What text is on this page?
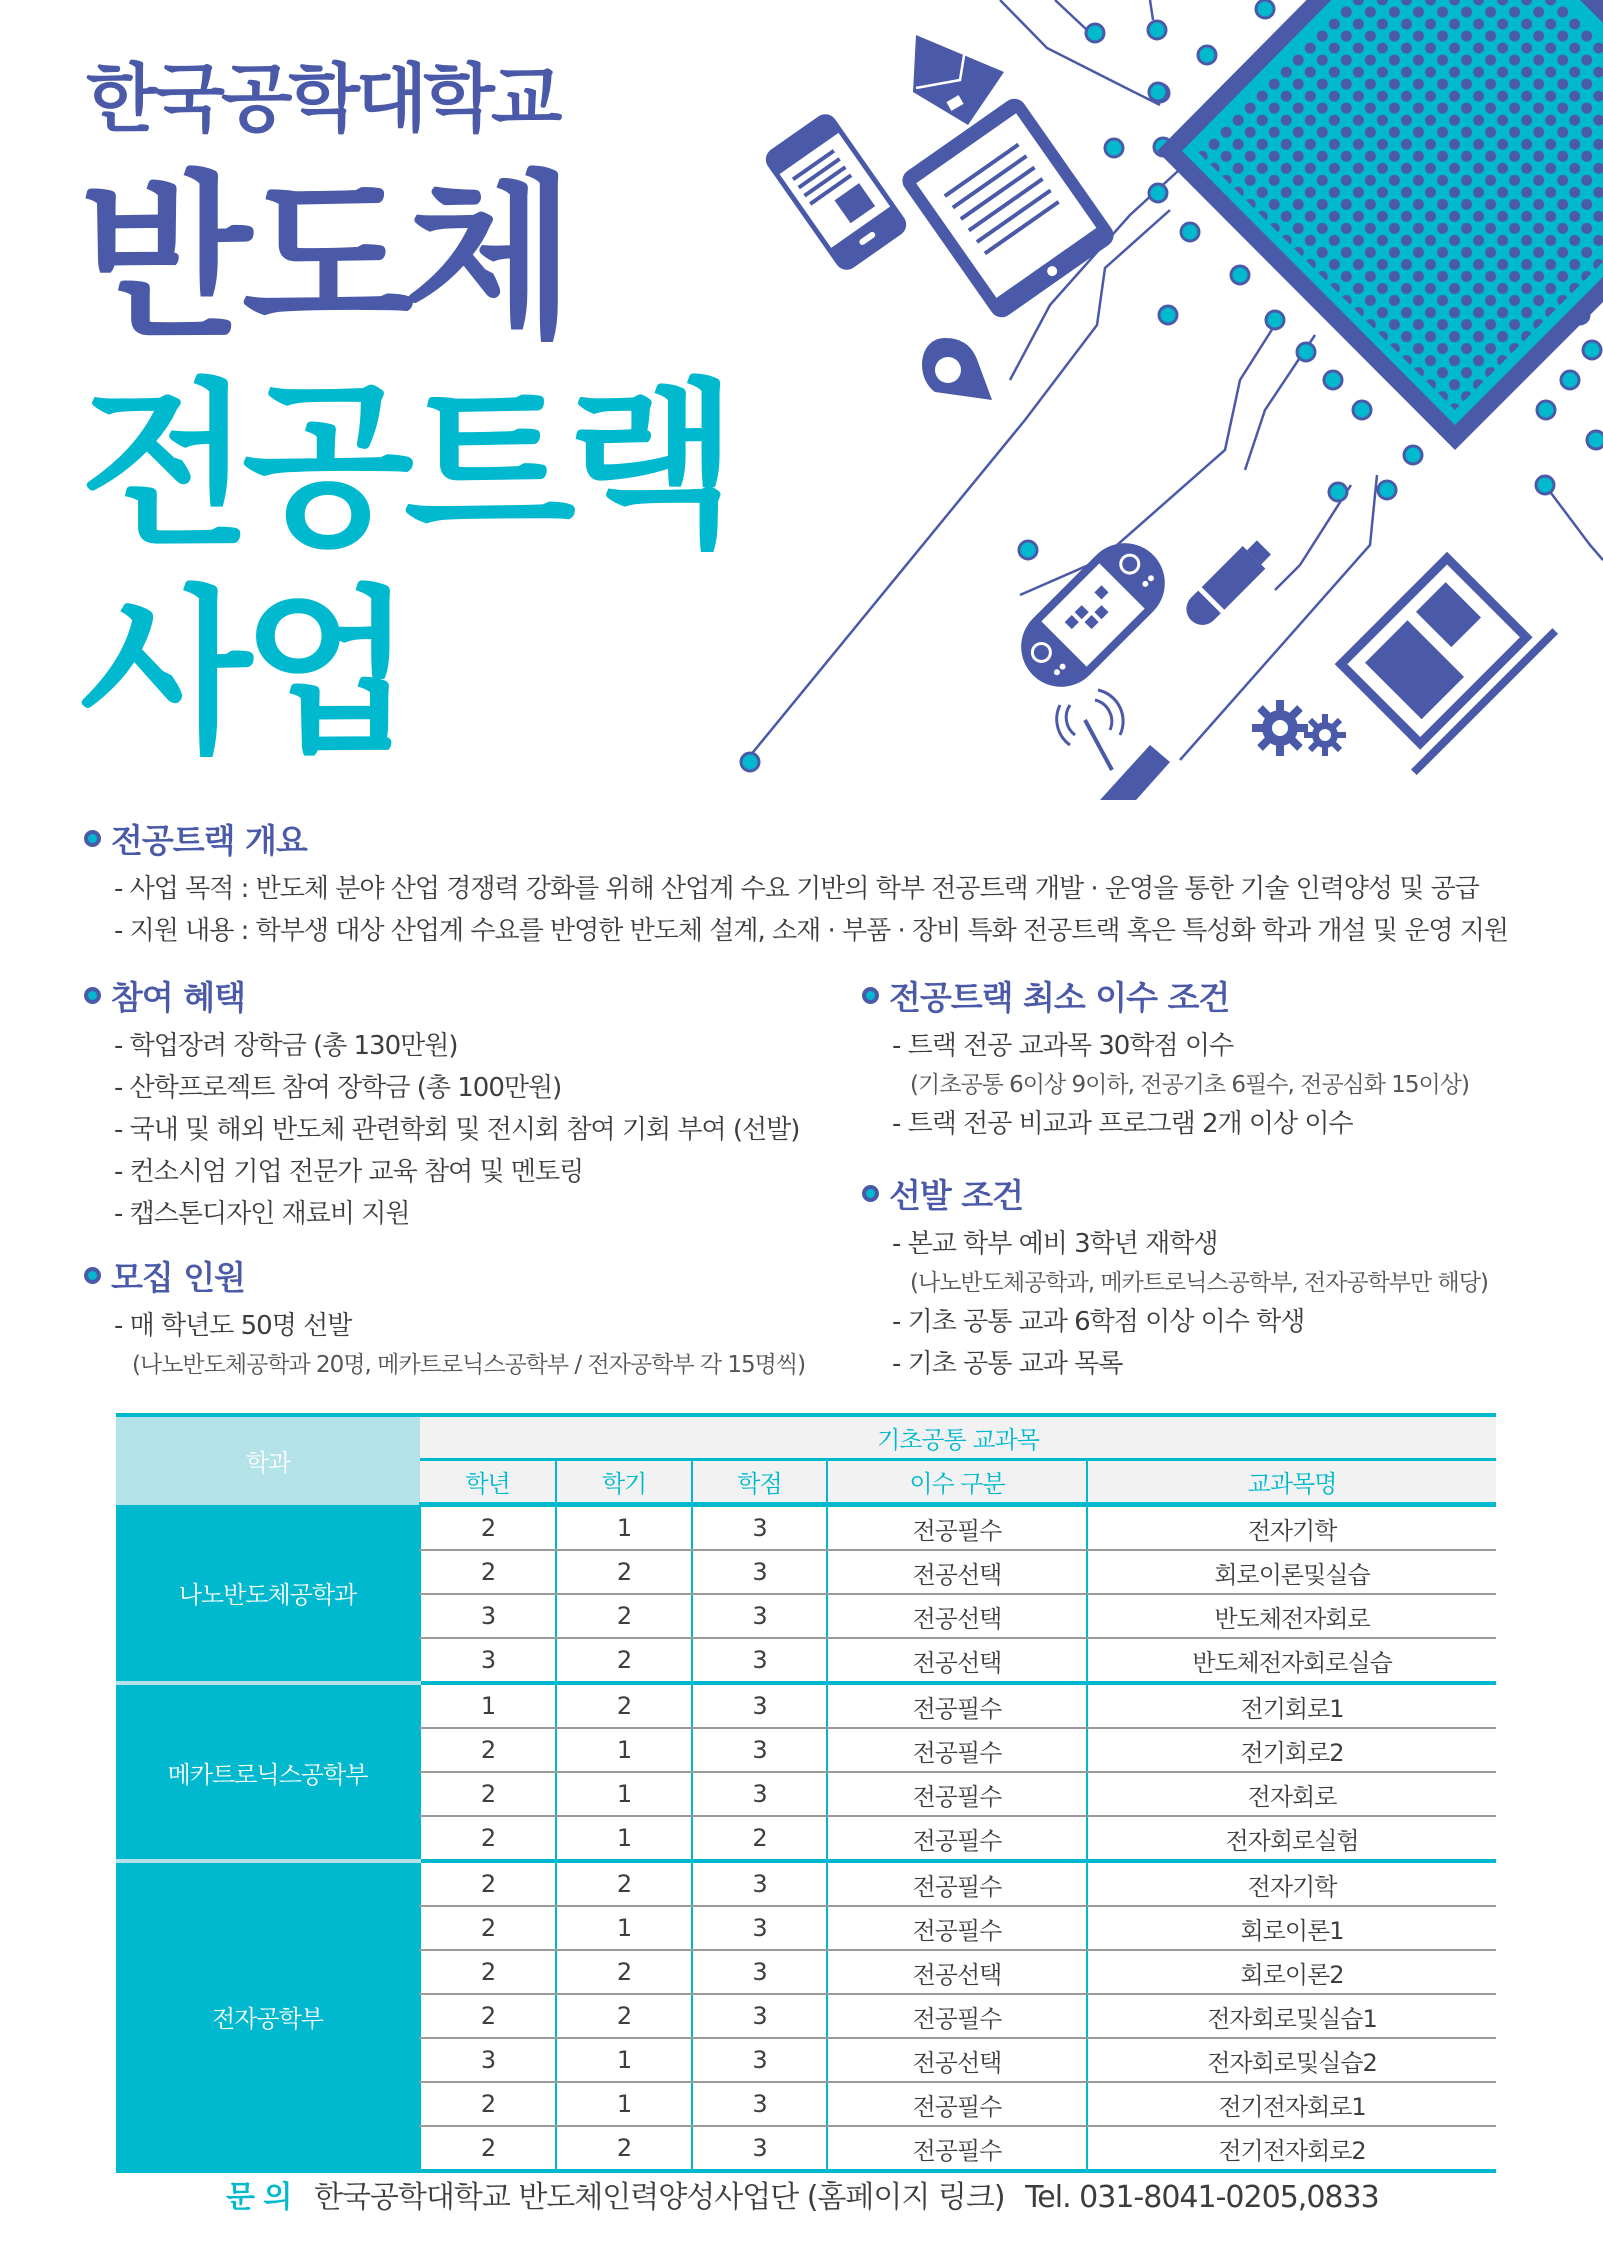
한국공학대학교
반도체
전공트랙
사업
전공트랙 개요
- 사업 목적 : 반도체 분야 산업 경쟁력 강화를 위해 산업계 수요 기반의 학부 전공트랙 개발 · 운영을 통한 기술 인력양성 및 공급
- 지원 내용 : 학부생 대상 산업계 수요를 반영한 반도체 설계, 소재 · 부품 · 장비 특화 전공트랙 혹은 특성화 학과 개설 및 운영 지원
참여 혜택
- 학업장려 장학금 (총 130만원)
- 산학프로젝트 참여 장학금 (총 100만원)
- 국내 및 해외 반도체 관련학회 및 전시회 참여 기회 부여 (선발)
- 컨소시엄 기업 전문가 교육 참여 및 멘토링
- 캡스톤디자인 재료비 지원
모집 인원
- 매 학년도 50명 선발
(나노반도체공학과 20명, 메카트로닉스공학부 / 전자공학부 각 15명씩)
전공트랙 최소 이수 조건
- 트랙 전공 교과목 30학점 이수
(기초공통 6이상 9이하, 전공기초 6필수, 전공심화 15이상)
- 트랙 전공 비교과 프로그램 2개 이상 이수
선발 조건
- 본교 학부 예비 3학년 재학생
(나노반도체공학과, 메카트로닉스공학부, 전자공학부만 해당)
- 기초 공통 교과 6학점 이상 이수 학생
- 기초 공통 교과 목록
학과	기초공통 교과목				
	학년	학기	학점	이수 구분	교과목명
나노반도체공학과	2	1	3	전공필수	전자기학
	2	2	3	전공선택	회로이론및실습
	3	2	3	전공선택	반도체전자회로
	3	2	3	전공선택	반도체전자회로실습
메카트로닉스공학부	1	2	3	전공필수	전기회로1
	2	1	3	전공필수	전기회로2
	2	1	3	전공필수	전자회로
	2	1	2	전공필수	전자회로실험
전자공학부	2	2	3	전공필수	전자기학
	2	1	3	전공필수	회로이론1
	2	2	3	전공선택	회로이론2
	2	2	3	전공필수	전자회로및실습1
	3	1	3	전공선택	전자회로및실습2
	2	1	3	전공필수	전기전자회로1
	2	2	3	전공필수	전기전자회로2
문 의 한국공학대학교 반도체인력양성사업단 (홈페이지 링크) Tel. 031-8041-0205,0833
